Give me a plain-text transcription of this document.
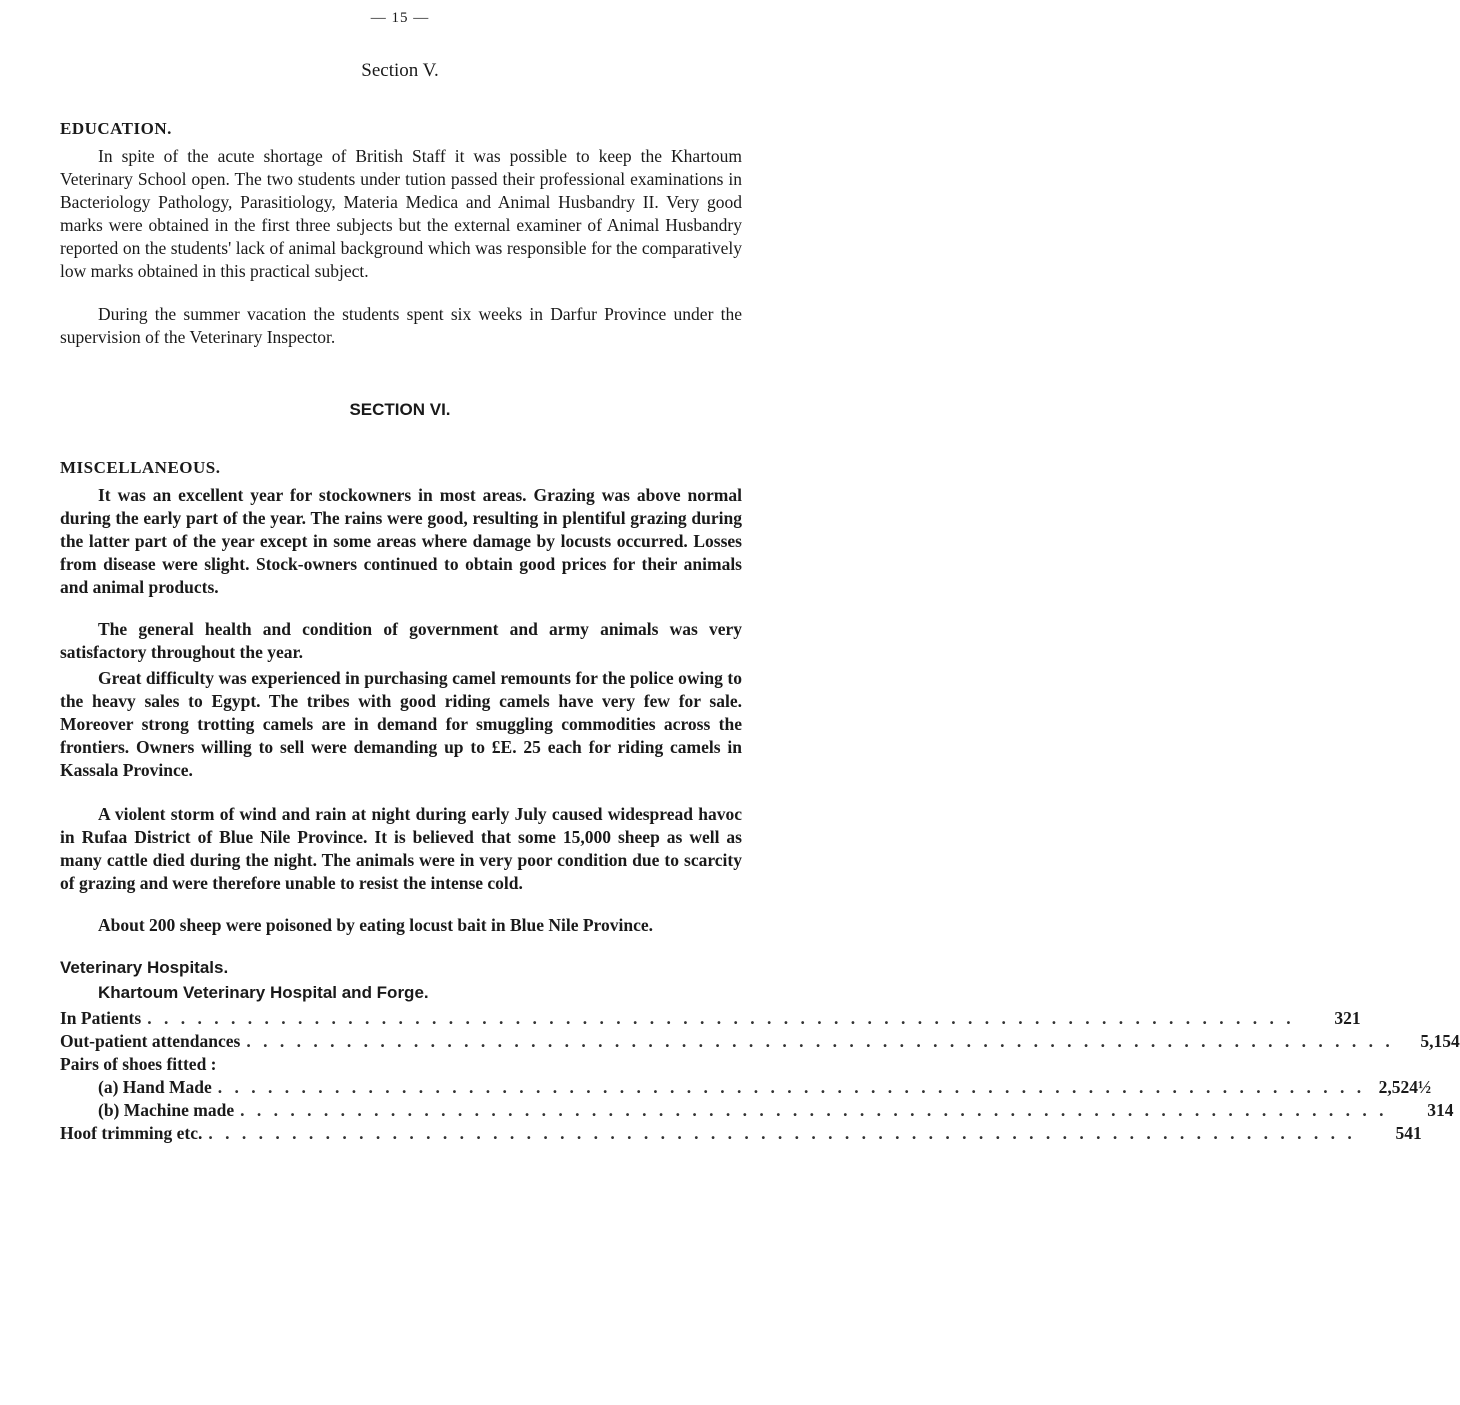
— 15 —
Section V.
EDUCATION.

In spite of the acute shortage of British Staff it was possible to keep the Khartoum Veterinary School open. The two students under tution passed their professional examinations in Bacteriology Pathology, Parasitiology, Materia Medica and Animal Husbandry II. Very good marks were obtained in the first three subjects but the external examiner of Animal Husbandry reported on the students' lack of animal background which was responsible for the comparatively low marks obtained in this practical subject.

During the summer vacation the students spent six weeks in Darfur Province under the supervision of the Veterinary Inspector.

SECTION VI.
MISCELLANEOUS.

It was an excellent year for stockowners in most areas. Grazing was above normal during the early part of the year. The rains were good, resulting in plentiful grazing during the latter part of the year except in some areas where damage by locusts occurred. Losses from disease were slight. Stock-owners continued to obtain good prices for their animals and animal products.

The general health and condition of government and army animals was very satisfactory throughout the year.

Great difficulty was experienced in purchasing camel remounts for the police owing to the heavy sales to Egypt. The tribes with good riding camels have very few for sale. Moreover strong trotting camels are in demand for smuggling commodities across the frontiers. Owners willing to sell were demanding up to £E. 25 each for riding camels in Kassala Province.

A violent storm of wind and rain at night during early July caused widespread havoc in Rufaa District of Blue Nile Province. It is believed that some 15,000 sheep as well as many cattle died during the night. The animals were in very poor condition due to scarcity of grazing and were therefore unable to resist the intense cold.

About 200 sheep were poisoned by eating locust bait in Blue Nile Province.

Veterinary Hospitals.
Khartoum Veterinary Hospital and Forge.
In Patients . . . . . . . . . . . . . . . . . . . . . . . . . . . . . . . . . . . . . . . . . . . . . . . . . . . . . . . . . . . . . . . . . . . . .	321
Out-patient attendances . . . . . . . . . . . . . . . . . . . . . . . . . . . . . . . . . . . . . . . . . . . . . . . . . . . . . . . . . . . . . . . . . . . . .	5,154
Pairs of shoes fitted :
(a) Hand Made . . . . . . . . . . . . . . . . . . . . . . . . . . . . . . . . . . . . . . . . . . . . . . . . . . . . . . . . . . . . . . . . . . . . . 2,524½
(b) Machine made . . . . . . . . . . . . . . . . . . . . . . . . . . . . . . . . . . . . . . . . . . . . . . . . . . . . . . . . . . . . . . . . . . . . .	314
Hoof trimming etc. . . . . . . . . . . . . . . . . . . . . . . . . . . . . . . . . . . . . . . . . . . . . . . . . . . . . . . . . . . . . . . . . . . . . .	541
